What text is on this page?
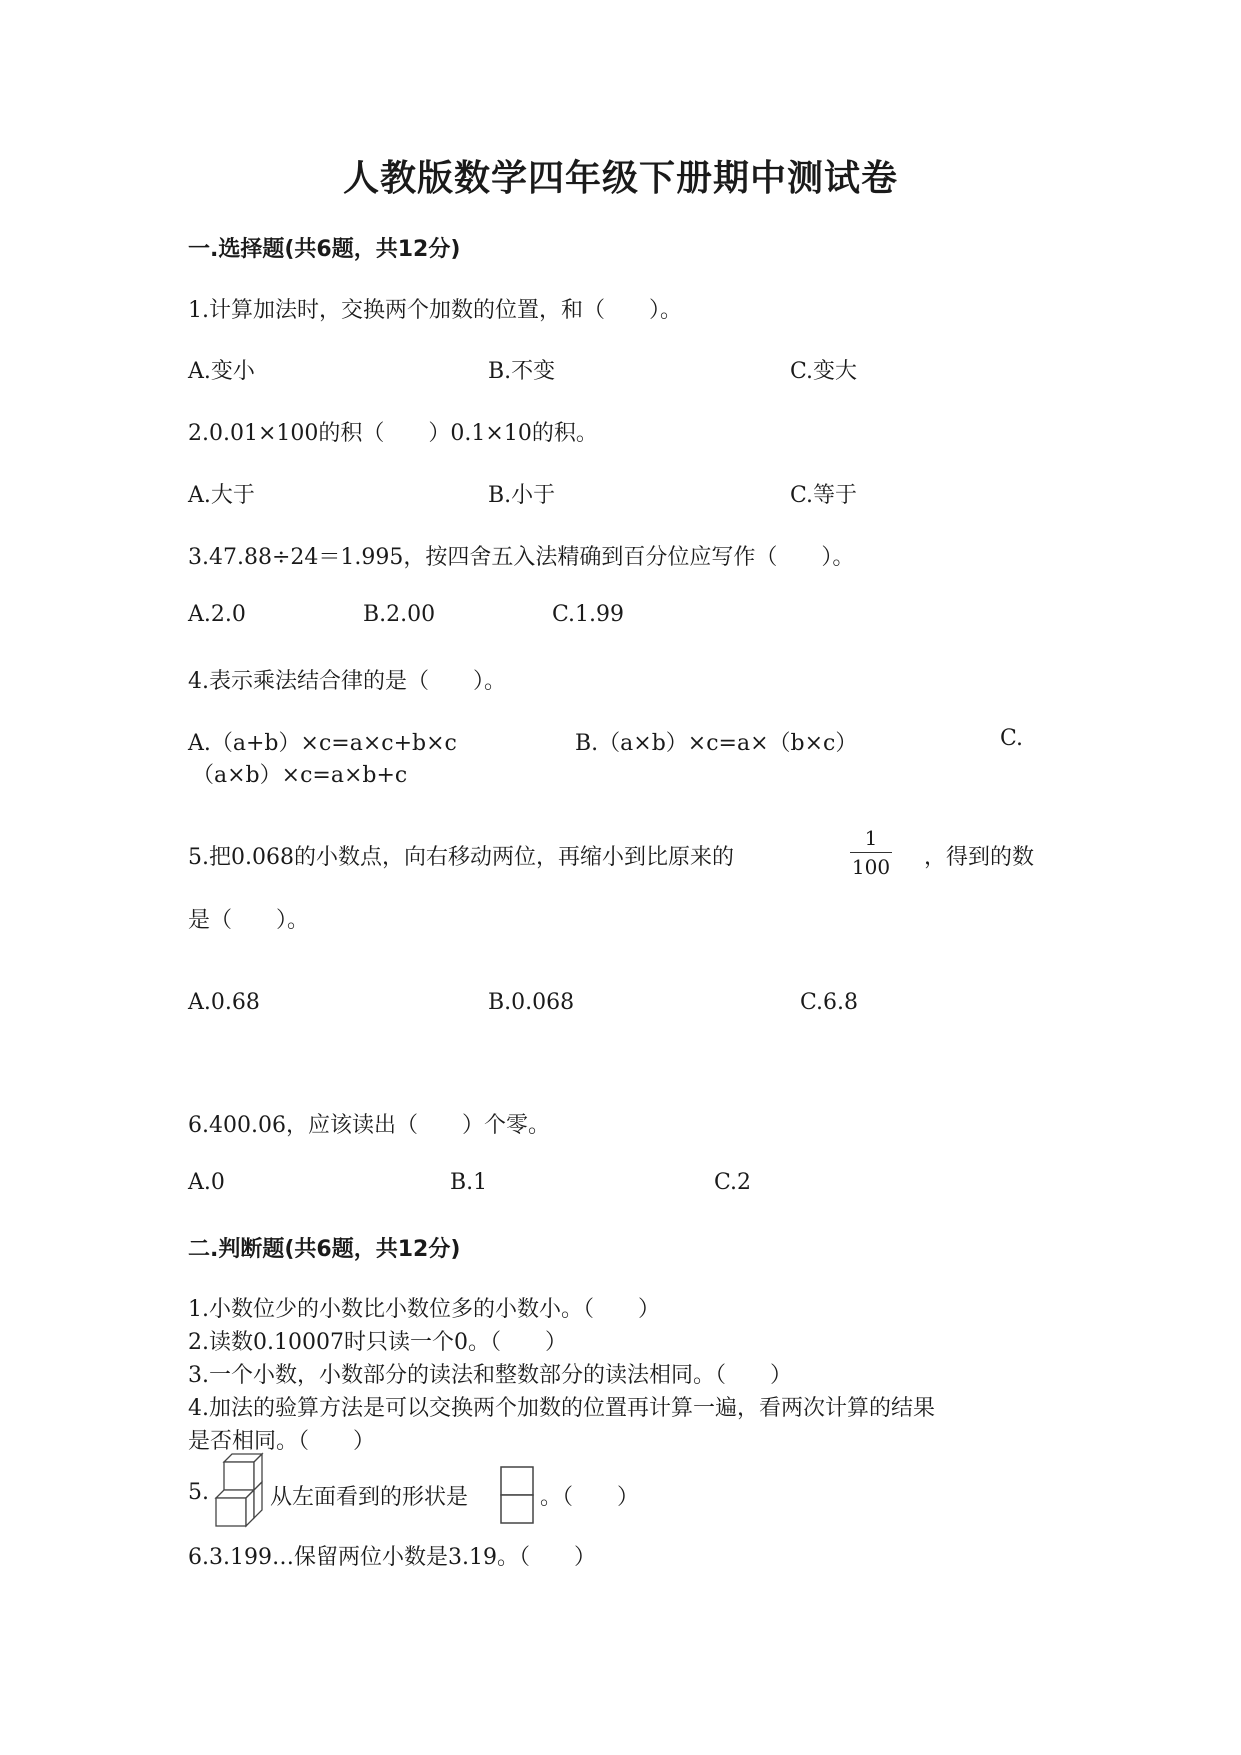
人教版数学四年级下册期中测试卷
一.选择题(共6题，共12分)
1.计算加法时，交换两个加数的位置，和（　　）。
A.变小	B.不变	C.变大
2.0.01×100的积（　　）0.1×10的积。
A.大于	B.小于	C.等于
3.47.88÷24＝1.995，按四舍五入法精确到百分位应写作（　　）。
A.2.0	B.2.00	C.1.99
4.表示乘法结合律的是（　　）。
A.（a+b）×c=a×c+b×c	B.（a×b）×c=a×（b×c）	C.
（a×b）×c=a×b+c
5.把0.068的小数点，向右移动两位，再缩小到比原来的
1
100 ，得到的数
是（　　）。
A.0.68	B.0.068	C.6.8
6.400.06，应该读出（　　）个零。
A.0	B.1	C.2
二.判断题(共6题，共12分)
1.小数位少的小数比小数位多的小数小。（　　）
2.读数0.10007时只读一个0。（　　）
3.一个小数，小数部分的读法和整数部分的读法相同。（　　）
4.加法的验算方法是可以交换两个加数的位置再计算一遍，看两次计算的结果
是否相同。（　　）
5.	从左面看到的形状是	。（　　）
6.3.199…保留两位小数是3.19。（　　）
